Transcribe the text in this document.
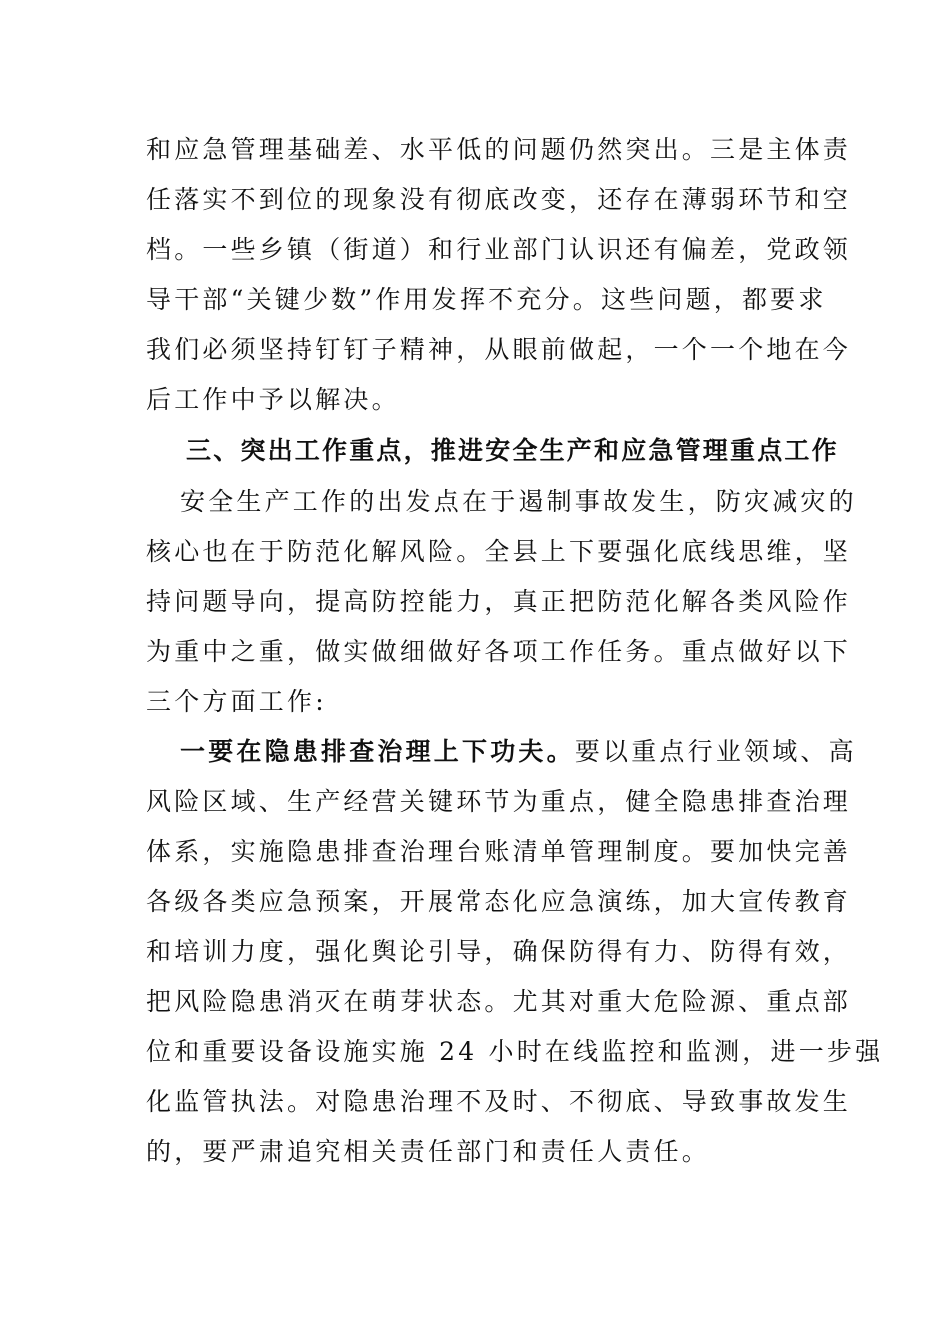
和应急管理基础差、水平低的问题仍然突出。三是主体责
任落实不到位的现象没有彻底改变，还存在薄弱环节和空
档。一些乡镇（街道）和行业部门认识还有偏差，党政领
导干部“关键少数”作用发挥不充分。这些问题，都要求
我们必须坚持钉钉子精神，从眼前做起，一个一个地在今
后工作中予以解决。
三、突出工作重点，推进安全生产和应急管理重点工作
安全生产工作的出发点在于遏制事故发生，防灾减灾的
核心也在于防范化解风险。全县上下要强化底线思维，坚
持问题导向，提高防控能力，真正把防范化解各类风险作
为重中之重，做实做细做好各项工作任务。重点做好以下
三个方面工作:
一要在隐患排查治理上下功夫。要以重点行业领域、高
风险区域、生产经营关键环节为重点，健全隐患排查治理
体系，实施隐患排查治理台账清单管理制度。要加快完善
各级各类应急预案，开展常态化应急演练，加大宣传教育
和培训力度，强化舆论引导，确保防得有力、防得有效，
把风险隐患消灭在萌芽状态。尤其对重大危险源、重点部
位和重要设备设施实施 24 小时在线监控和监测，进一步强
化监管执法。对隐患治理不及时、不彻底、导致事故发生
的，要严肃追究相关责任部门和责任人责任。
